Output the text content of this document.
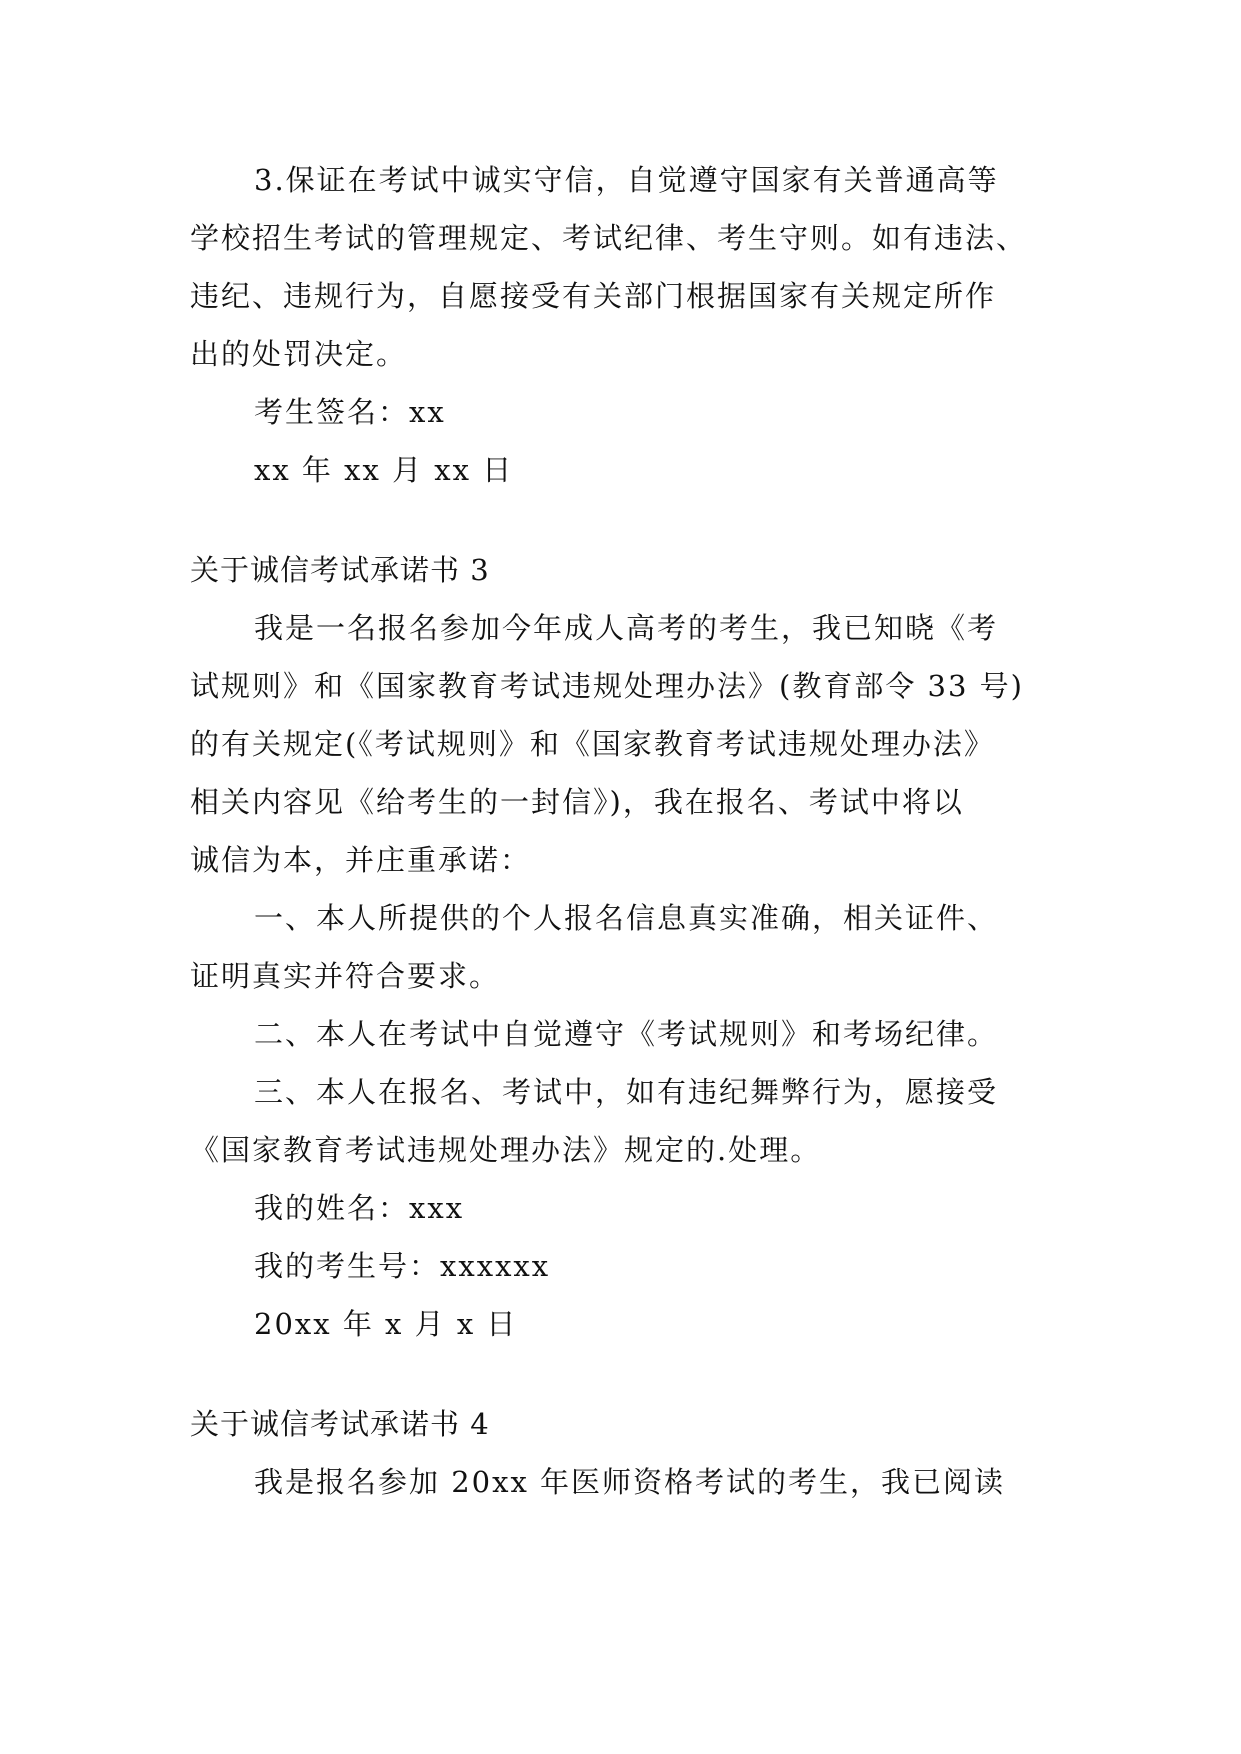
3.保证在考试中诚实守信，自觉遵守国家有关普通高等
学校招生考试的管理规定、考试纪律、考生守则。如有违法、
违纪、违规行为，自愿接受有关部门根据国家有关规定所作
出的处罚决定。
考生签名：xx
xx 年 xx 月 xx 日
关于诚信考试承诺书 3
我是一名报名参加今年成人高考的考生，我已知晓《考
试规则》和《国家教育考试违规处理办法》(教育部令 33 号)
的有关规定(《考试规则》和《国家教育考试违规处理办法》
相关内容见《给考生的一封信》)，我在报名、考试中将以
诚信为本，并庄重承诺：
一、本人所提供的个人报名信息真实准确，相关证件、
证明真实并符合要求。
二、本人在考试中自觉遵守《考试规则》和考场纪律。
三、本人在报名、考试中，如有违纪舞弊行为，愿接受
《国家教育考试违规处理办法》规定的.处理。
我的姓名：xxx
我的考生号：xxxxxx
20xx 年 x 月 x 日
关于诚信考试承诺书 4
我是报名参加 20xx 年医师资格考试的考生，我已阅读
